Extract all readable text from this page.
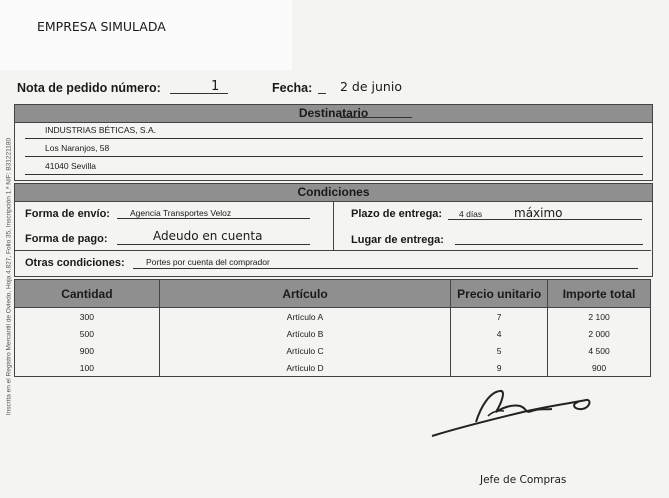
EMPRESA SIMULADA
Inscrita en el Registro Mercantil de Oviedo, Hoja 4.827, Folio 35, Inscripción 1.ª NIF: B31221180
Nota de pedido número:	1	Fecha: 2 de junio
Destinatario
INDUSTRIAS BÉTICAS, S.A.
Los Naranjos, 58
41040 Sevilla
Condiciones
Forma de envío: Agencia Transportes Veloz	Plazo de entrega: 4 días	máximo
Forma de pago:	Adeudo en cuenta	Lugar de entrega:
Otras condiciones:	Portes por cuenta del comprador
Cantidad	Artículo	Precio unitario	Importe total
300	Artículo A	7	2 100
500	Artículo B	4	2 000
900	Artículo C	5	4 500
100	Artículo D	9	900
Jefe de Compras
